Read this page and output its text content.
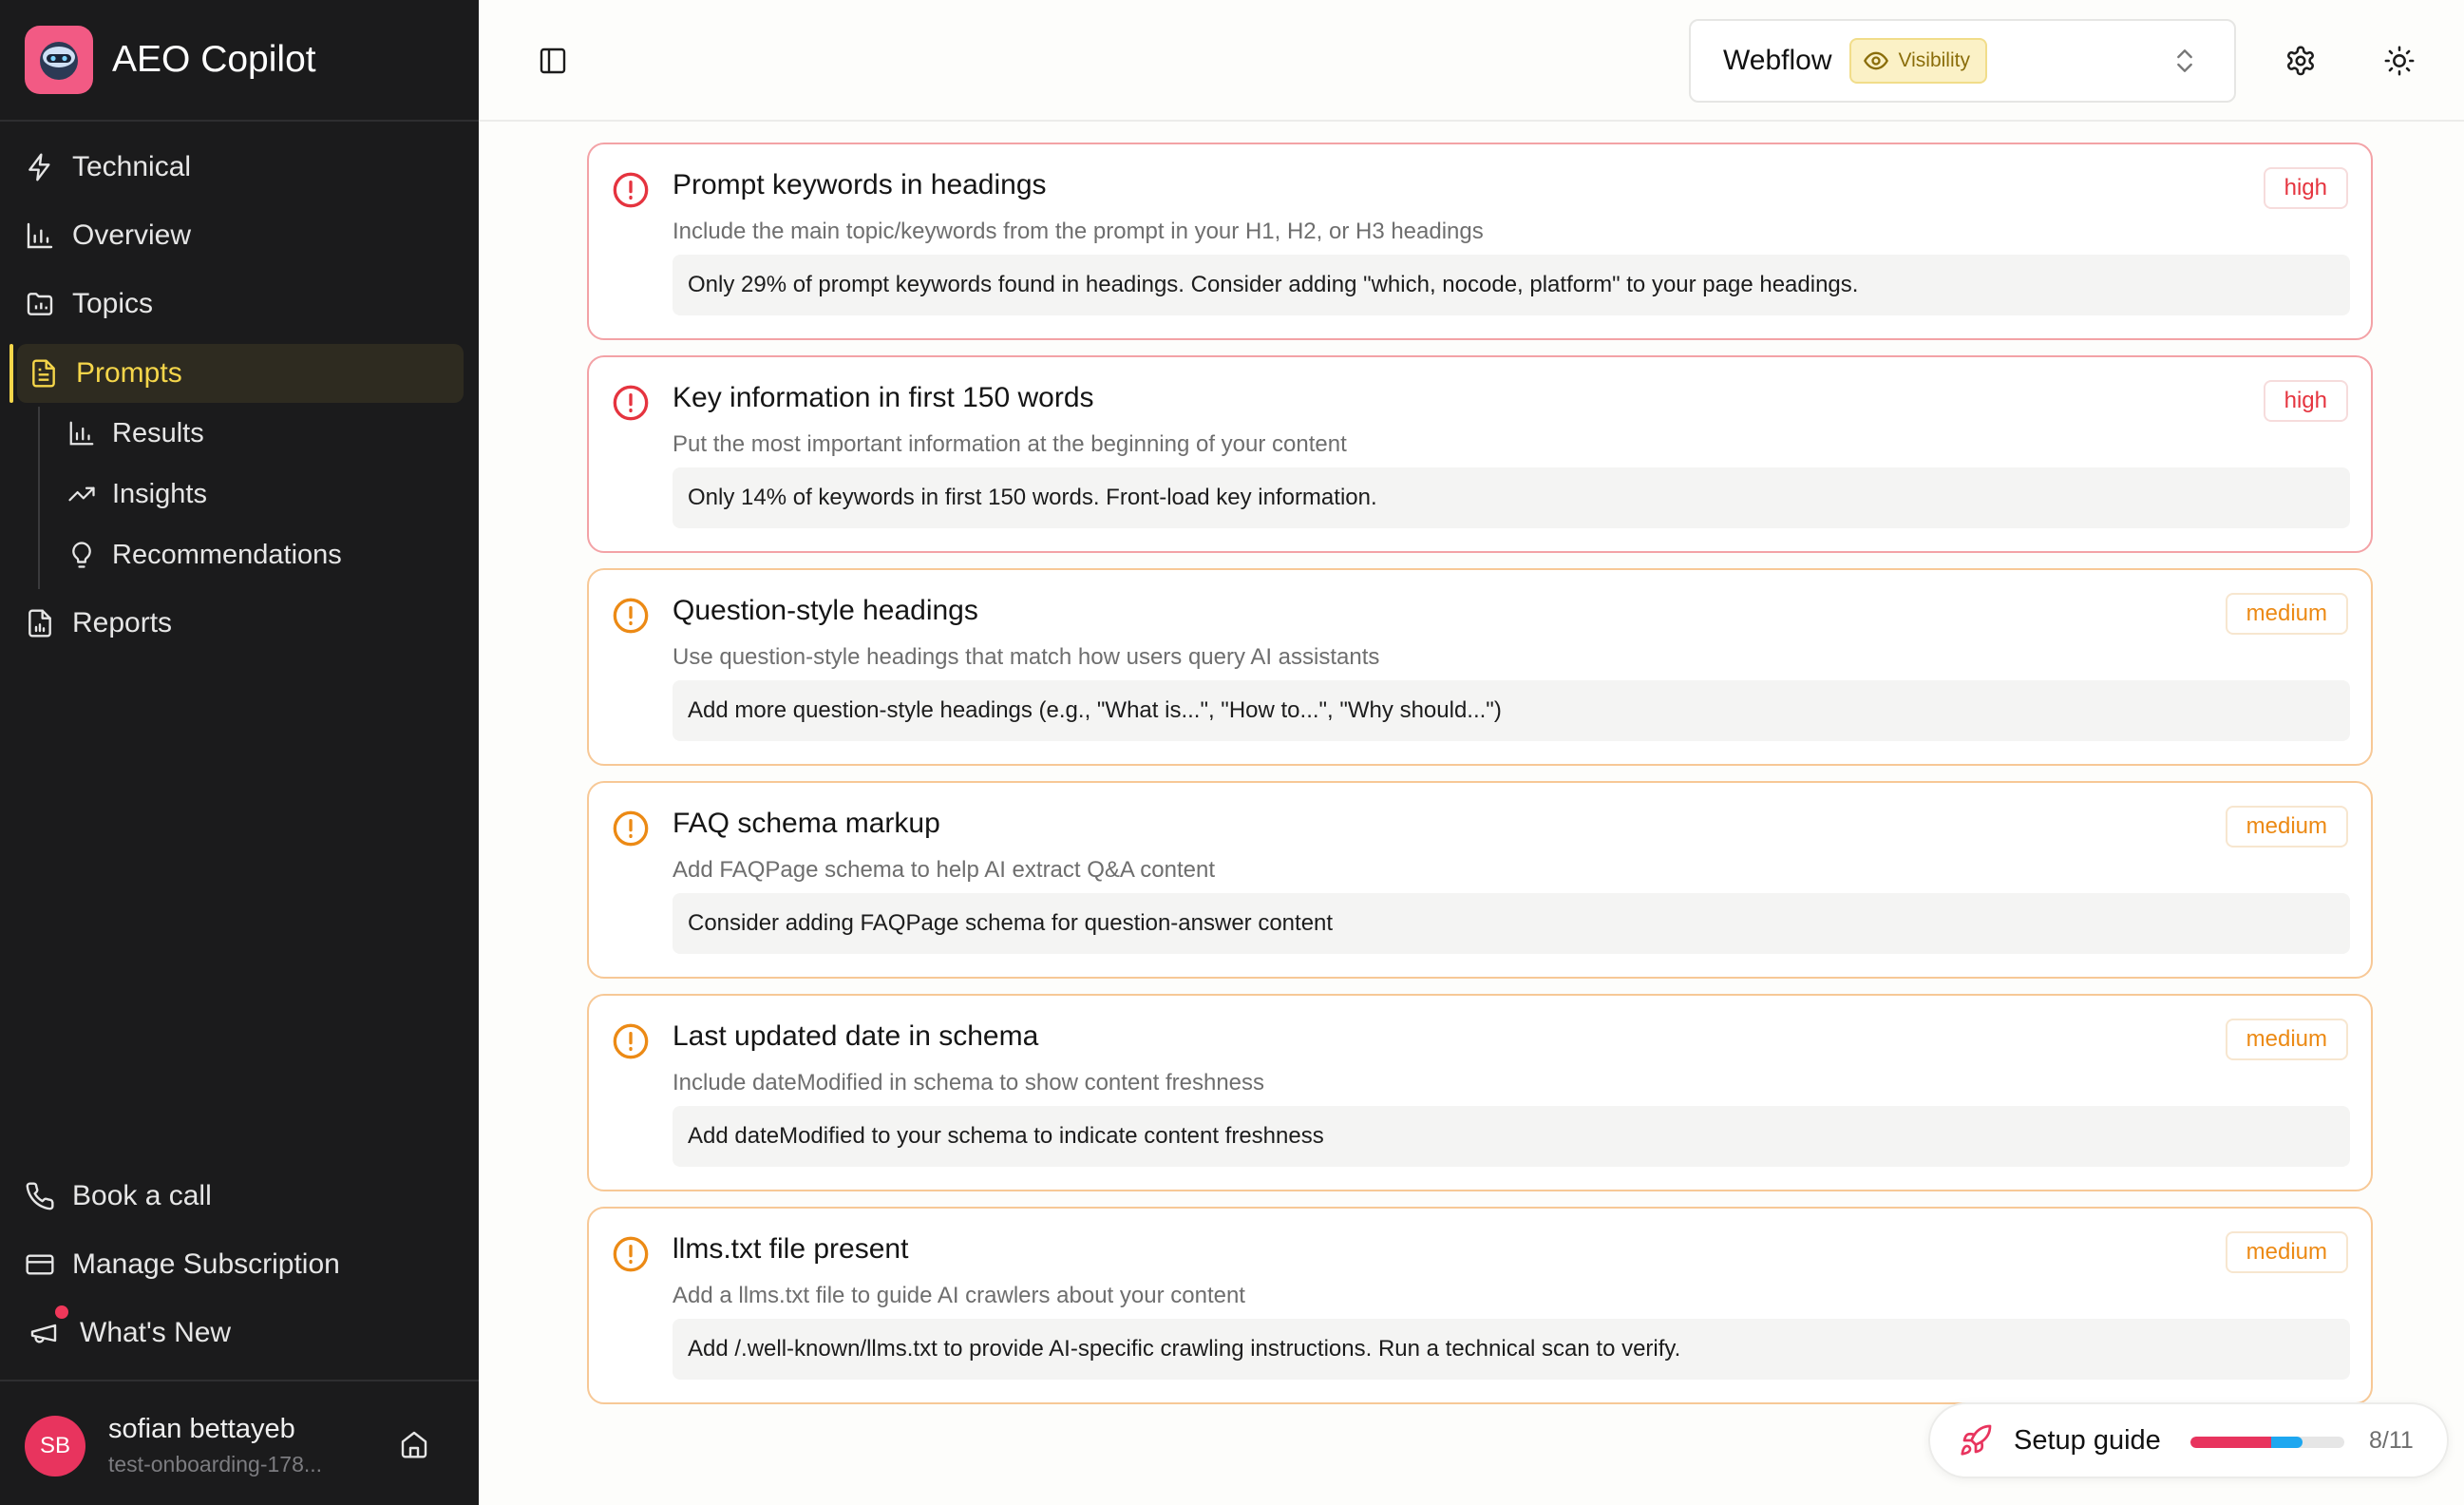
AEO Copilot
Technical
Overview
Topics
Prompts
Results
Insights
Recommendations
Reports
Book a call
Manage Subscription
What's New
SB
sofian bettayeb
test-onboarding-178...
Webflow	Visibility
Prompt keywords in headings
Include the main topic/keywords from the prompt in your H1, H2, or H3 headings
Only 29% of prompt keywords found in headings. Consider adding "which, nocode, platform" to your page headings.
high
Key information in first 150 words
Put the most important information at the beginning of your content
Only 14% of keywords in first 150 words. Front-load key information.
high
Question-style headings
Use question-style headings that match how users query AI assistants
Add more question-style headings (e.g., "What is...", "How to...", "Why should...")
medium
FAQ schema markup
Add FAQPage schema to help AI extract Q&A content
Consider adding FAQPage schema for question-answer content
medium
Last updated date in schema
Include dateModified in schema to show content freshness
Add dateModified to your schema to indicate content freshness
medium
llms.txt file present
Add a llms.txt file to guide AI crawlers about your content
Add /.well-known/llms.txt to provide AI-specific crawling instructions. Run a technical scan to verify.
medium
Setup guide	8/11
